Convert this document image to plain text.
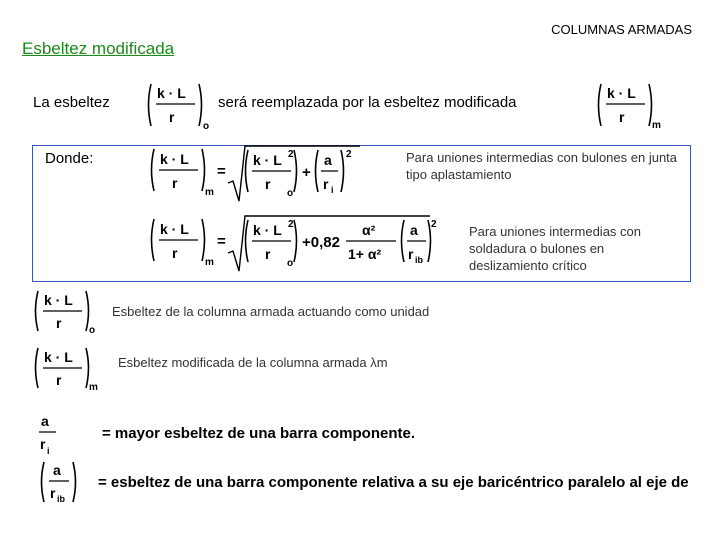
COLUMNAS ARMADAS
Esbeltez modificada
La esbeltez
k · L
r
o
será reemplazada por la esbeltez modificada
k · L
r
m
Donde:	k · L
r
m
=
k · L
r
2
o
+
a
r i
2	Para uniones intermedias con bulones en junta tipo aplastamiento
k · L
r
m
=
k · L
r
2
o
+0,82
α²
1+ α²
a
r ib
2 Para uniones intermedias con soldadura o bulones en deslizamiento crítico
k · L
r	o
Esbeltez de la columna armada actuando como unidad
k · L
r	m
Esbeltez modificada de la columna armada λm
a
r i
= mayor esbeltez de una barra componente.
a
r ib
= esbeltez de una barra componente relativa a su eje baricéntrico paralelo al eje de
